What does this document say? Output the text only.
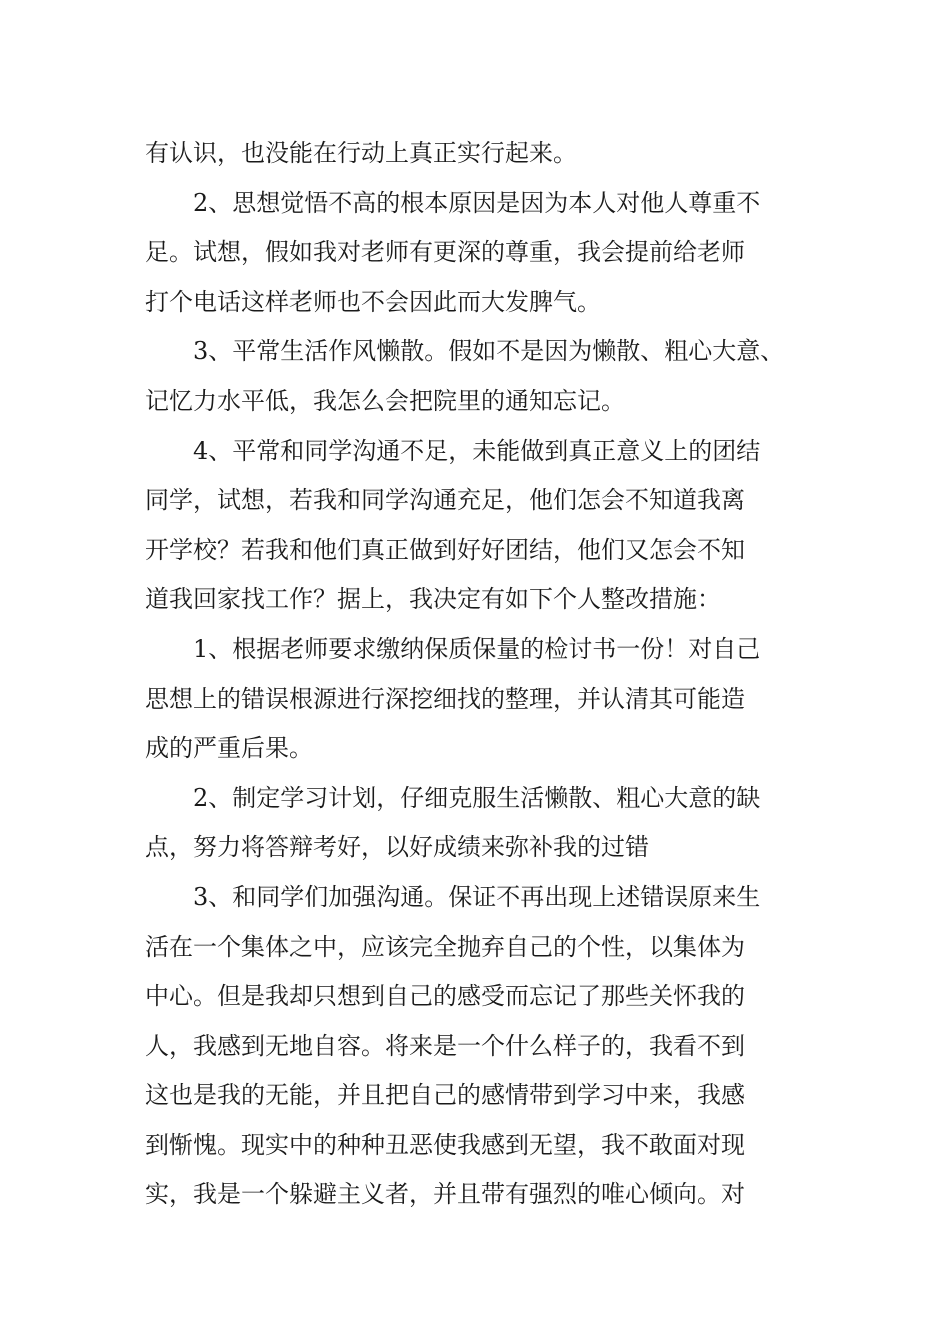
有认识，也没能在行动上真正实行起来。
2、思想觉悟不高的根本原因是因为本人对他人尊重不
足。试想，假如我对老师有更深的尊重，我会提前给老师
打个电话这样老师也不会因此而大发脾气。
3、平常生活作风懒散。假如不是因为懒散、粗心大意、
记忆力水平低，我怎么会把院里的通知忘记。
4、平常和同学沟通不足，未能做到真正意义上的团结
同学，试想，若我和同学沟通充足，他们怎会不知道我离
开学校？若我和他们真正做到好好团结，他们又怎会不知
道我回家找工作？据上，我决定有如下个人整改措施：
1、根据老师要求缴纳保质保量的检讨书一份！对自己
思想上的错误根源进行深挖细找的整理，并认清其可能造
成的严重后果。
2、制定学习计划，仔细克服生活懒散、粗心大意的缺
点，努力将答辩考好，以好成绩来弥补我的过错
3、和同学们加强沟通。保证不再出现上述错误原来生
活在一个集体之中，应该完全抛弃自己的个性，以集体为
中心。但是我却只想到自己的感受而忘记了那些关怀我的
人，我感到无地自容。将来是一个什么样子的，我看不到
这也是我的无能，并且把自己的感情带到学习中来，我感
到惭愧。现实中的种种丑恶使我感到无望，我不敢面对现
实，我是一个躲避主义者，并且带有强烈的唯心倾向。对
